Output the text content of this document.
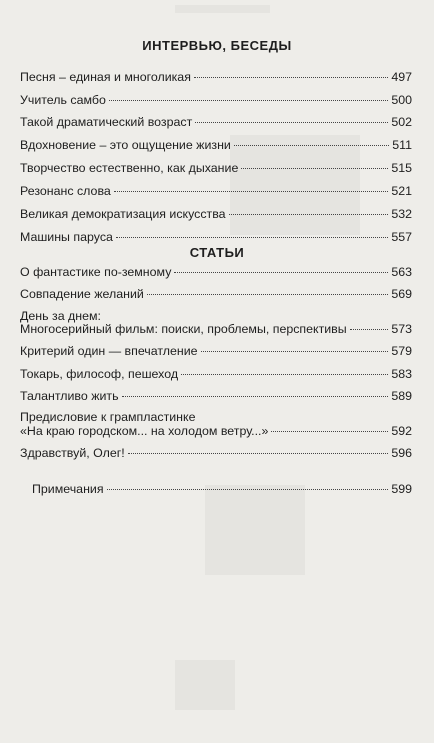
ИНТЕРВЬЮ, БЕСЕДЫ
Песня – единая и многоликая	497
Учитель самбо	500
Такой драматический возраст	502
Вдохновение – это ощущение жизни	511
Творчество естественно, как дыхание	515
Резонанс слова	521
Великая демократизация искусства	532
Машины паруса	557
СТАТЬИ
О фантастике по-земному	563
Совпадение желаний	569
День за днем:
Многосерийный фильм: поиски, проблемы, перспективы	573
Критерий один — впечатление	579
Токарь, философ, пешеход	583
Талантливо жить	589
Предисловие к грампластинке
«На краю городском... на холодом ветру...»	592
Здравствуй, Олег!	596
Примечания	599
